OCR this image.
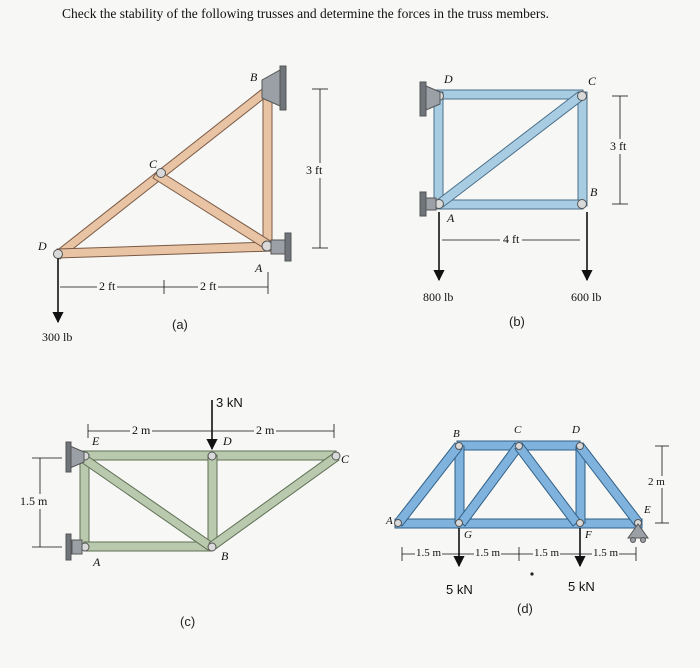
Check the stability of the following trusses and determine the forces in the truss members.
D
C
B
A
2 ft	2 ft
3 ft
300 lb
(a)
D	C
B
A
4 ft
3 ft
800 lb	600 lb
(b)
3 kN
2 m	2 m
E	D
C
A	B
1.5 m
(c)
A
B	C	D
E
F
G
1.5 m	1.5 m	1.5 m	1.5 m
2 m
5 kN	5 kN
(d)
